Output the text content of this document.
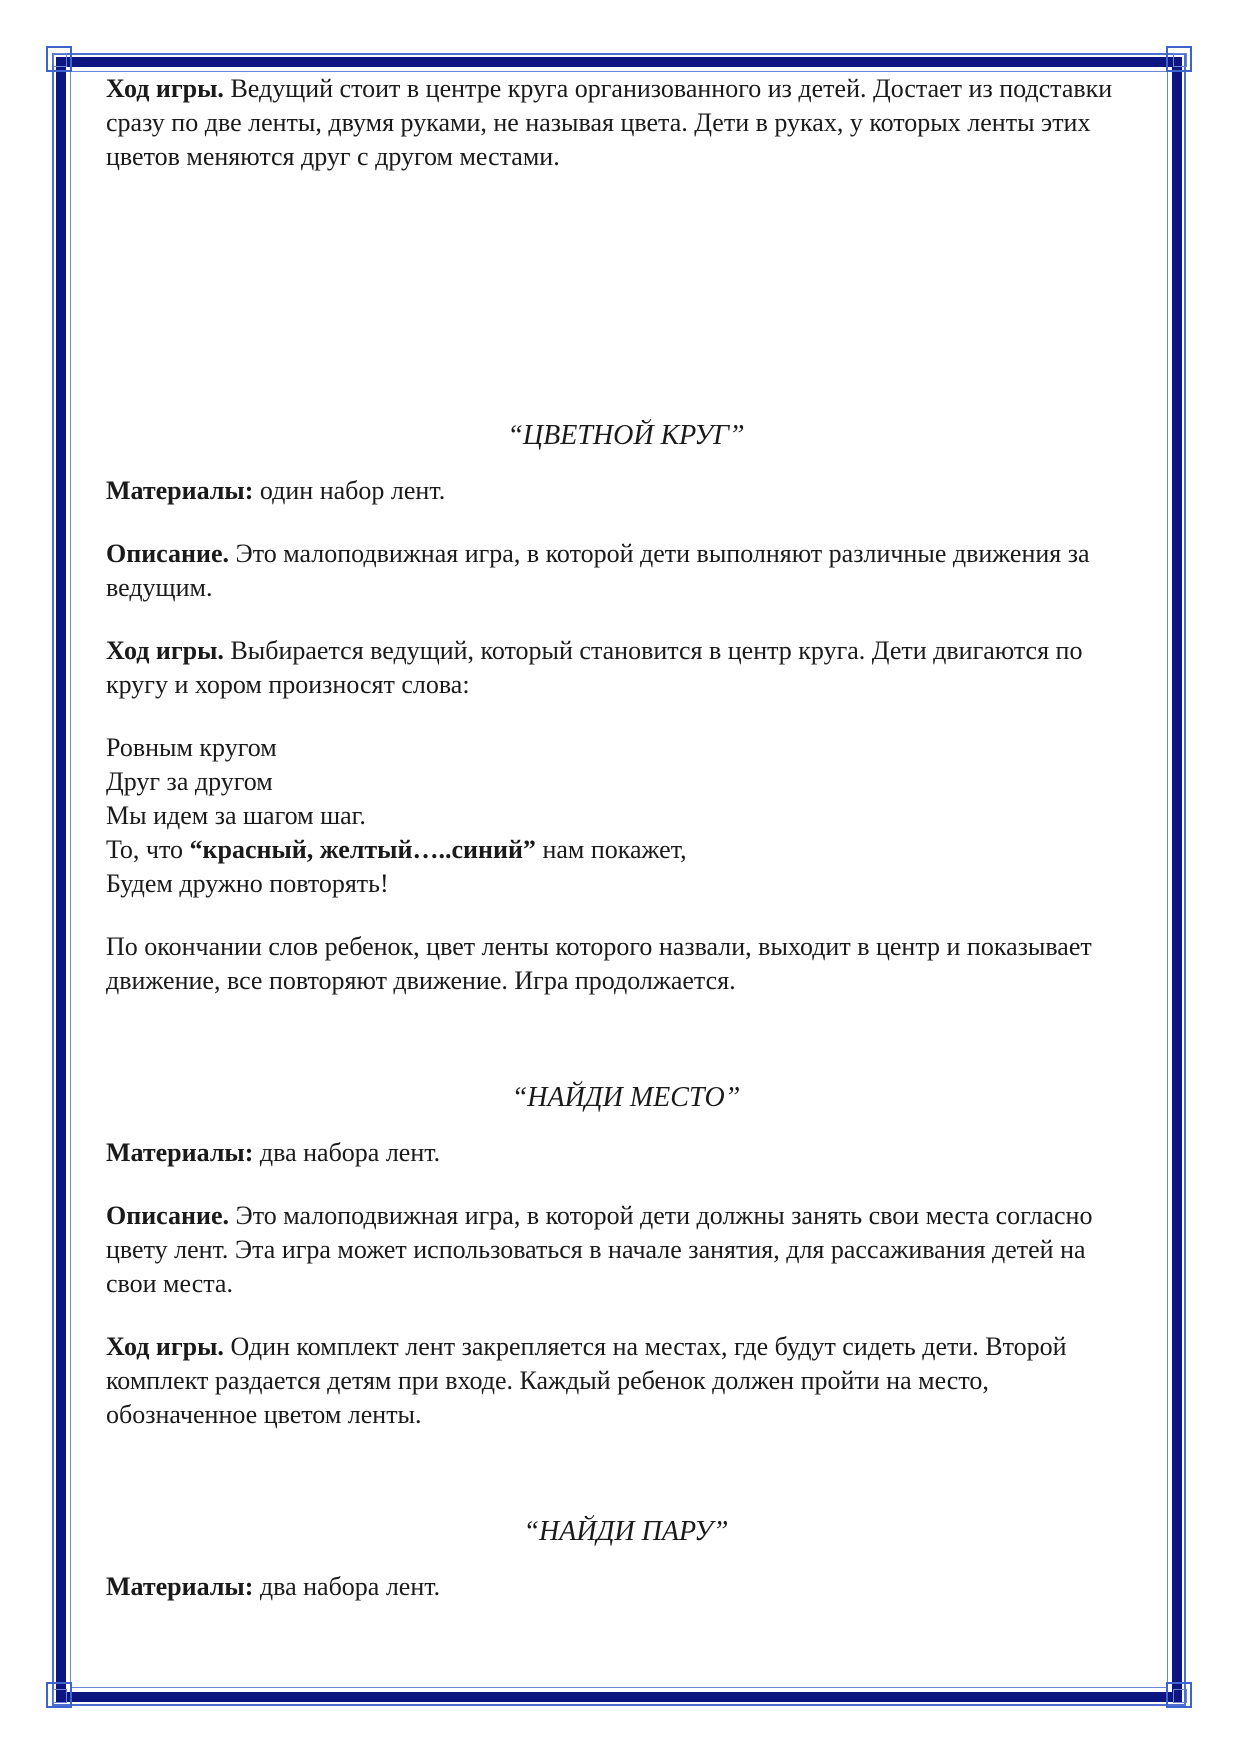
Ход игры. Ведущий стоит в центре круга организованного из детей. Достает из подставки сразу по две ленты, двумя руками, не называя цвета. Дети в руках, у которых ленты этих цветов меняются друг с другом местами.

“ЦВЕТНОЙ КРУГ”

Материалы: один набор лент.

Описание. Это малоподвижная игра, в которой дети выполняют различные движения за ведущим.

Ход игры. Выбирается ведущий, который становится в центр круга. Дети двигаются по кругу и хором произносят слова:

Ровным кругом

Друг за другом

Мы идем за шагом шаг.

То, что “красный, желтый…..синий” нам покажет,

Будем дружно повторять!

По окончании слов ребенок, цвет ленты которого назвали, выходит в центр и показывает движение, все повторяют движение. Игра продолжается.

“НАЙДИ МЕСТО”

Материалы: два набора лент.

Описание. Это малоподвижная игра, в которой дети должны занять свои места согласно цвету лент. Эта игра может использоваться в начале занятия, для рассаживания детей на свои места.

Ход игры. Один комплект лент закрепляется на местах, где будут сидеть дети. Второй комплект раздается детям при входе. Каждый ребенок должен пройти на место, обозначенное цветом ленты.

“НАЙДИ ПАРУ”

Материалы: два набора лент.
